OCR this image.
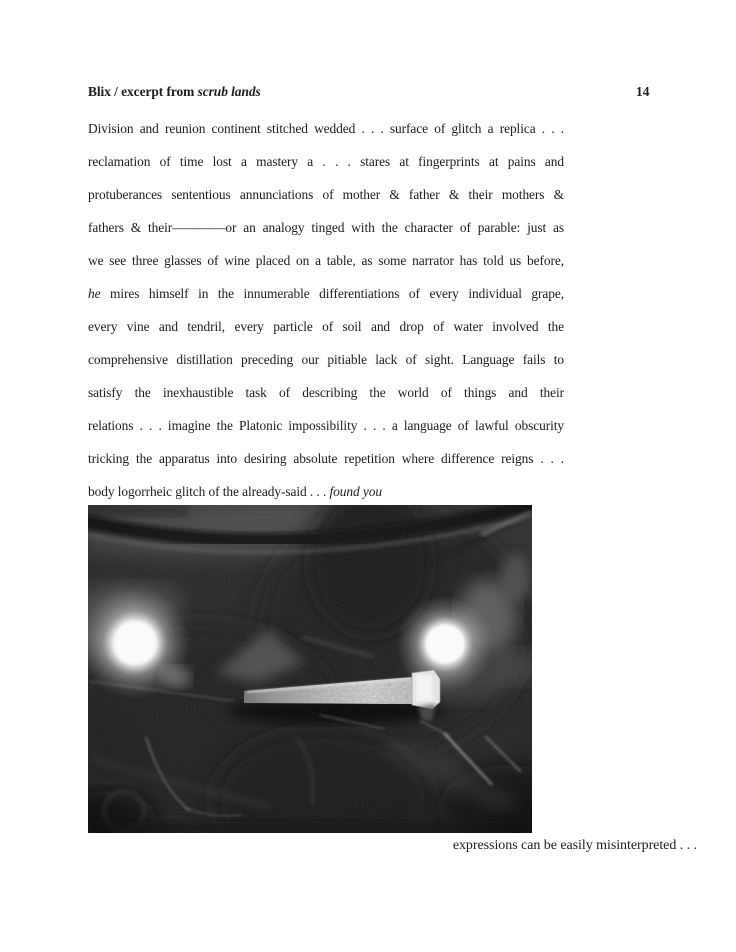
Blix / excerpt from scrub lands	14
Division and reunion continent stitched wedded . . . surface of glitch a replica . . .
reclamation of time lost a mastery a . . . stares at fingerprints at pains and
protuberances sententious annunciations of mother & father & their mothers &
fathers & their————or an analogy tinged with the character of parable: just as
we see three glasses of wine placed on a table, as some narrator has told us before,
he mires himself in the innumerable differentiations of every individual grape,
every vine and tendril, every particle of soil and drop of water involved the
comprehensive distillation preceding our pitiable lack of sight. Language fails to
satisfy the inexhaustible task of describing the world of things and their
relations . . . imagine the Platonic impossibility . . . a language of lawful obscurity
tricking the apparatus into desiring absolute repetition where difference reigns . . .
body logorrheic glitch of the already-said . . . found you
expressions can be easily misinterpreted . . .
